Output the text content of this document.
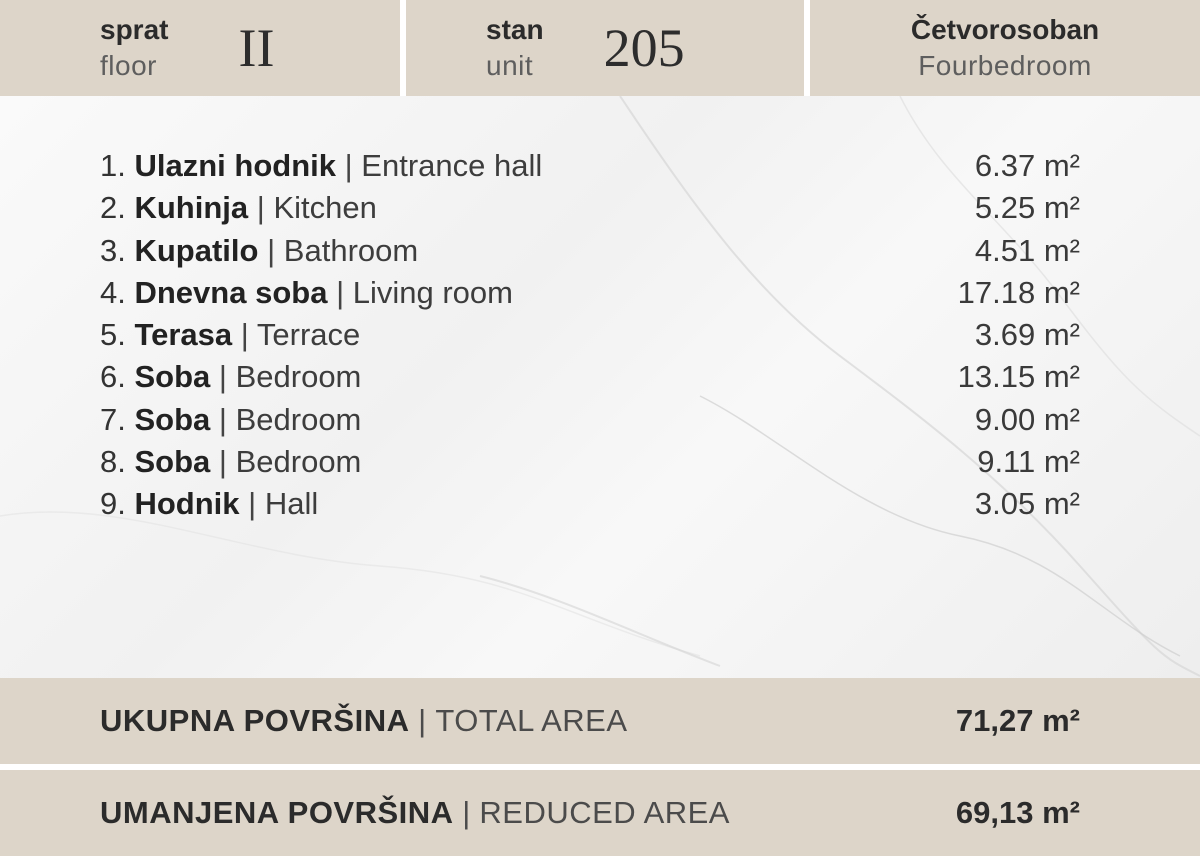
sprat
floor II	stan
unit 205	Četvorosoban
Fourbedroom
1. Ulazni hodnik | Entrance hall	6.37 m²
2. Kuhinja | Kitchen	5.25 m²
3. Kupatilo | Bathroom	4.51 m²
4. Dnevna soba | Living room	17.18 m²
5. Terasa | Terrace	3.69 m²
6. Soba | Bedroom	13.15 m²
7. Soba | Bedroom	9.00 m²
8. Soba | Bedroom	9.11 m²
9. Hodnik | Hall	3.05 m²
UKUPNA POVRŠINA | TOTAL AREA	71,27 m²
UMANJENA POVRŠINA | REDUCED AREA	69,13 m²
